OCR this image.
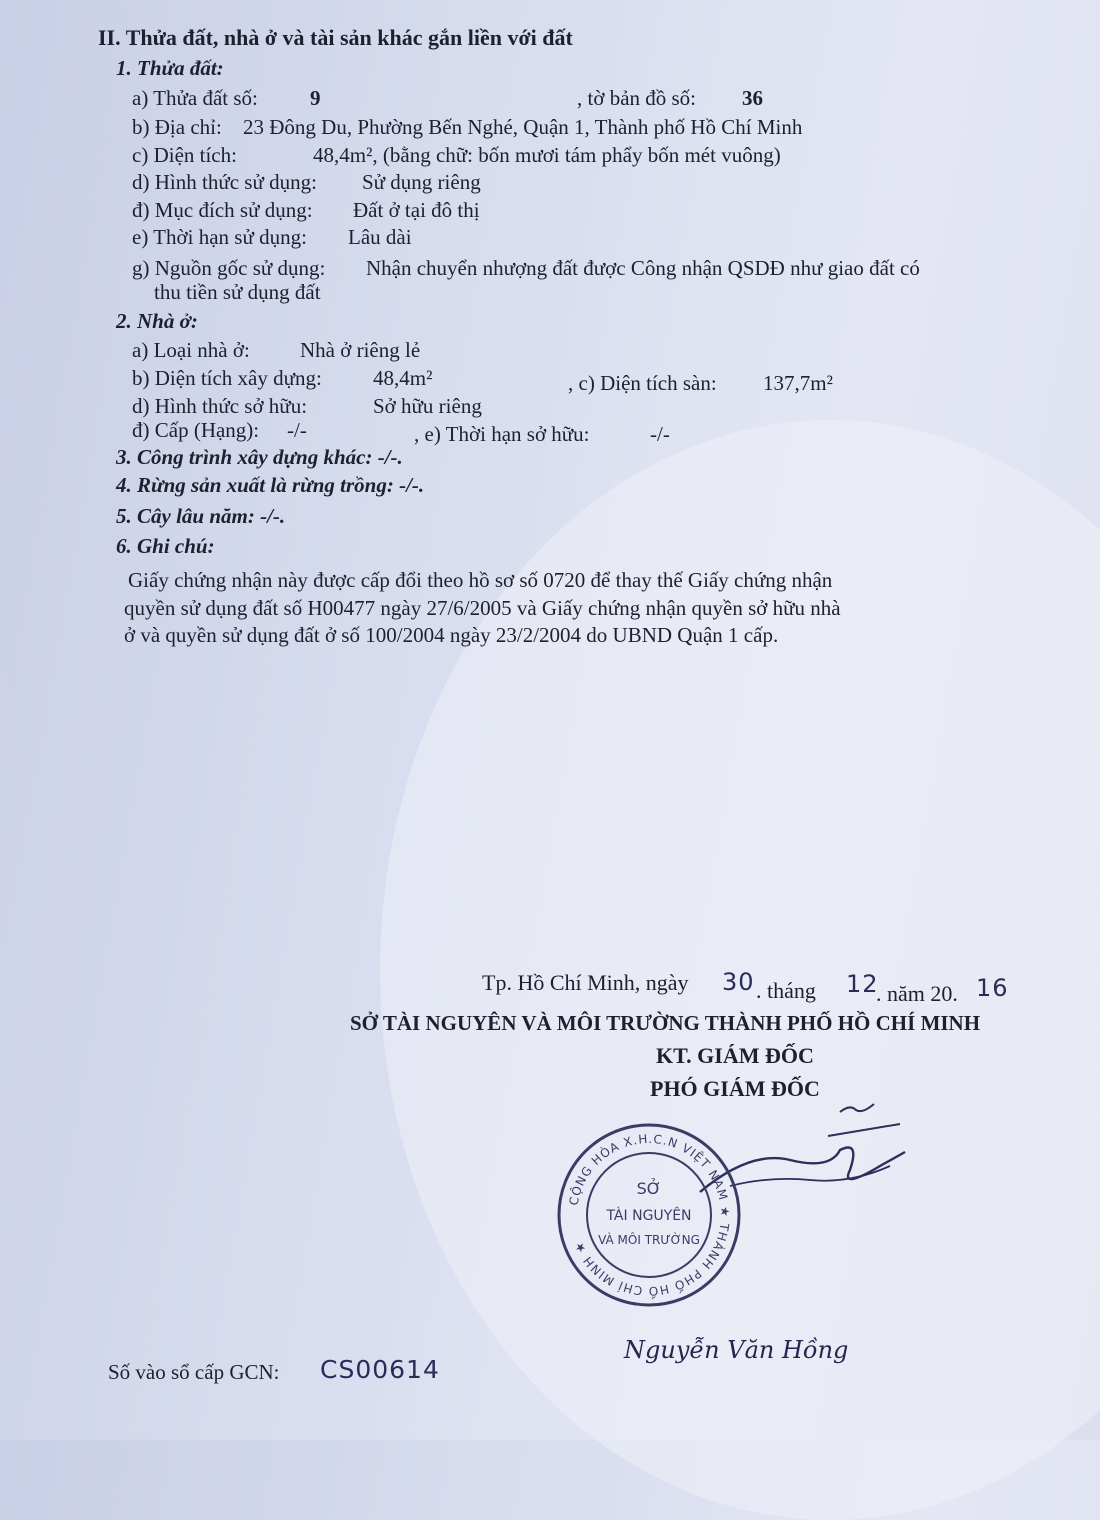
II. Thửa đất, nhà ở và tài sản khác gắn liền với đất
1. Thửa đất:
a) Thửa đất số: 9	, tờ bản đồ số: 36
b) Địa chỉ: 23 Đông Du, Phường Bến Nghé, Quận 1, Thành phố Hồ Chí Minh
c) Diện tích:	48,4m², (bằng chữ: bốn mươi tám phẩy bốn mét vuông)
d) Hình thức sử dụng: Sử dụng riêng
đ) Mục đích sử dụng: Đất ở tại đô thị
e) Thời hạn sử dụng: Lâu dài
g) Nguồn gốc sử dụng: Nhận chuyển nhượng đất được Công nhận QSDĐ như giao đất có
thu tiền sử dụng đất
2. Nhà ở:
a) Loại nhà ở: Nhà ở riêng lẻ
b) Diện tích xây dựng: 48,4m²	, c) Diện tích sàn: 137,7m²
d) Hình thức sở hữu:	Sở hữu riêng
đ) Cấp (Hạng): -/-	, e) Thời hạn sở hữu:	-/-
3. Công trình xây dựng khác: -/-.
4. Rừng sản xuất là rừng trồng: -/-.
5. Cây lâu năm: -/-.
6. Ghi chú:
Giấy chứng nhận này được cấp đổi theo hồ sơ số 0720 để thay thế Giấy chứng nhận
quyền sử dụng đất số H00477 ngày 27/6/2005 và Giấy chứng nhận quyền sở hữu nhà
ở và quyền sử dụng đất ở số 100/2004 ngày 23/2/2004 do UBND Quận 1 cấp.
Tp. Hồ Chí Minh, ngày 30 . tháng 12
. năm 20. 16
SỞ TÀI NGUYÊN VÀ MÔI TRƯỜNG THÀNH PHỐ HỒ CHÍ MINH
KT. GIÁM ĐỐC
PHÓ GIÁM ĐỐC
CỘNG HÒA X.H.C.N VIỆT NAM ★ THÀNH PHỐ HỒ CHÍ MINH ★
SỞ
TÀI NGUYÊN
VÀ MÔI TRƯỜNG
Nguyễn Văn Hồng
Số vào sổ cấp GCN: CS00614
